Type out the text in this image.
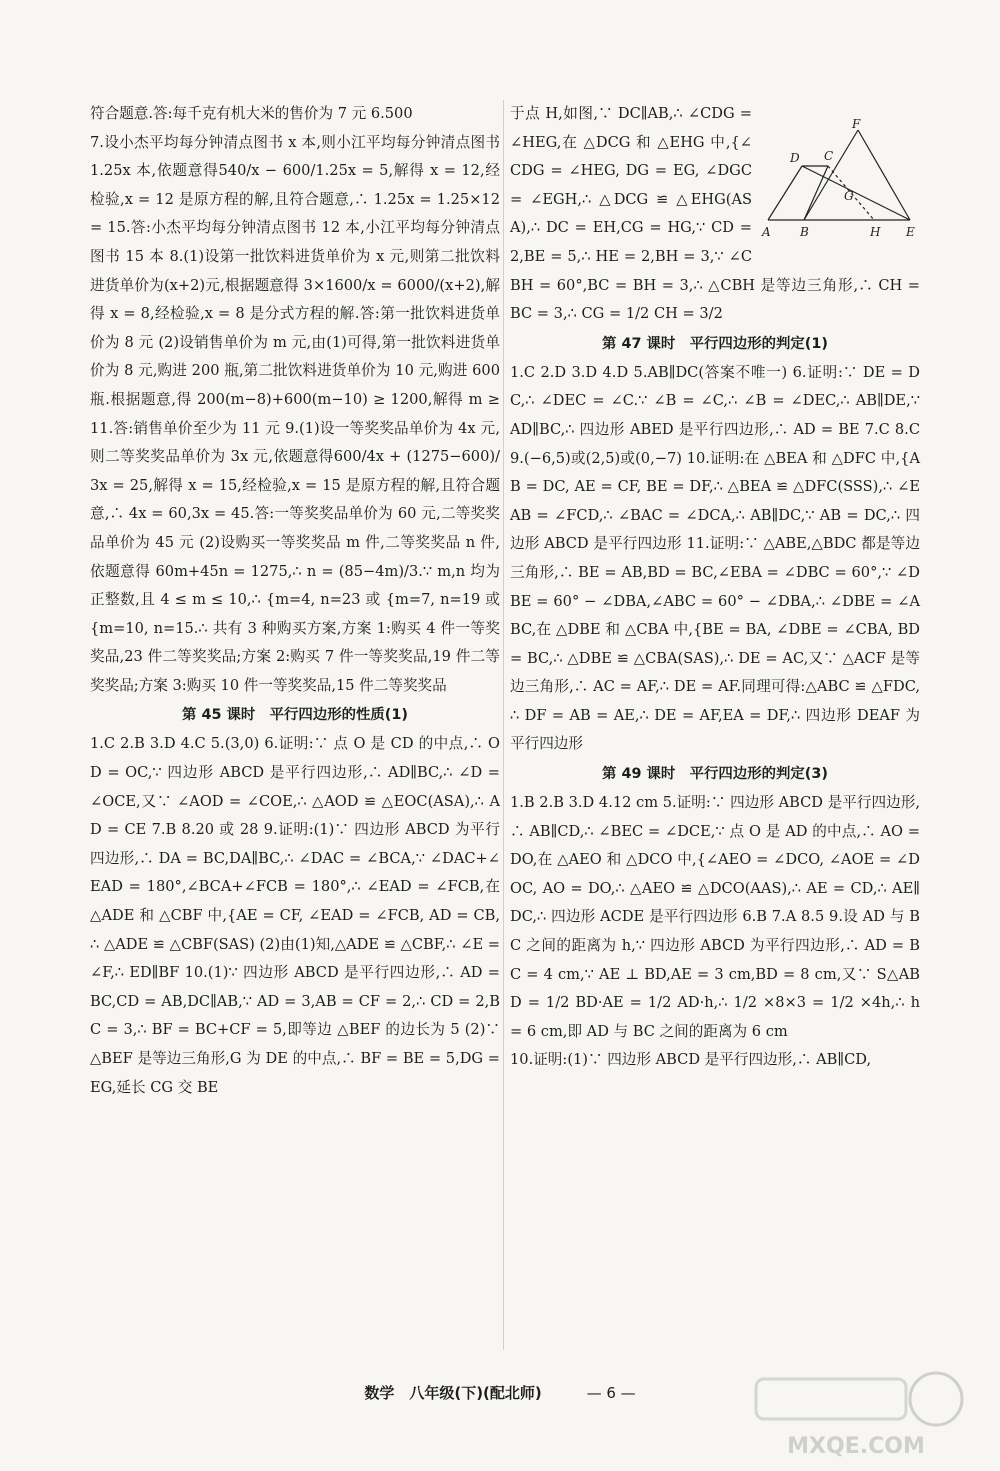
符合题意.答:每千克有机大米的售价为 7 元 6.500

7.设小杰平均每分钟清点图书 x 本,则小江平均每分钟清点图书 1.25x 本,依题意得540/x − 600/1.25x = 5,解得 x = 12,经检验,x = 12 是原方程的解,且符合题意,∴ 1.25x = 1.25×12 = 15.答:小杰平均每分钟清点图书 12 本,小江平均每分钟清点图书 15 本 8.(1)设第一批饮料进货单价为 x 元,则第二批饮料进货单价为(x+2)元,根据题意得 3×1600/x = 6000/(x+2),解得 x = 8,经检验,x = 8 是分式方程的解.答:第一批饮料进货单价为 8 元 (2)设销售单价为 m 元,由(1)可得,第一批饮料进货单价为 8 元,购进 200 瓶,第二批饮料进货单价为 10 元,购进 600 瓶.根据题意,得 200(m−8)+600(m−10) ≥ 1200,解得 m ≥ 11.答:销售单价至少为 11 元 9.(1)设一等奖奖品单价为 4x 元,则二等奖奖品单价为 3x 元,依题意得600/4x + (1275−600)/3x = 25,解得 x = 15,经检验,x = 15 是原方程的解,且符合题意,∴ 4x = 60,3x = 45.答:一等奖奖品单价为 60 元,二等奖奖品单价为 45 元 (2)设购买一等奖奖品 m 件,二等奖奖品 n 件,依题意得 60m+45n = 1275,∴ n = (85−4m)/3.∵ m,n 均为正整数,且 4 ≤ m ≤ 10,∴ {m=4, n=23 或 {m=7, n=19 或 {m=10, n=15.∴ 共有 3 种购买方案,方案 1:购买 4 件一等奖奖品,23 件二等奖奖品;方案 2:购买 7 件一等奖奖品,19 件二等奖奖品;方案 3:购买 10 件一等奖奖品,15 件二等奖奖品

第 45 课时　平行四边形的性质(1)

1.C 2.B 3.D 4.C 5.(3,0) 6.证明:∵ 点 O 是 CD 的中点,∴ OD = OC,∵ 四边形 ABCD 是平行四边形,∴ AD∥BC,∴ ∠D = ∠OCE,又∵ ∠AOD = ∠COE,∴ △AOD ≌ △EOC(ASA),∴ AD = CE 7.B 8.20 或 28 9.证明:(1)∵ 四边形 ABCD 为平行四边形,∴ DA = BC,DA∥BC,∴ ∠DAC = ∠BCA,∵ ∠DAC+∠EAD = 180°,∠BCA+∠FCB = 180°,∴ ∠EAD = ∠FCB,在 △ADE 和 △CBF 中,{AE = CF, ∠EAD = ∠FCB, AD = CB,∴ △ADE ≌ △CBF(SAS) (2)由(1)知,△ADE ≌ △CBF,∴ ∠E = ∠F,∴ ED∥BF 10.(1)∵ 四边形 ABCD 是平行四边形,∴ AD = BC,CD = AB,DC∥AB,∵ AD = 3,AB = CF = 2,∴ CD = 2,BC = 3,∴ BF = BC+CF = 5,即等边 △BEF 的边长为 5 (2)∵ △BEF 是等边三角形,G 为 DE 的中点,∴ BF = BE = 5,DG = EG,延长 CG 交 BE

A B	H E
D C
G
F

于点 H,如图,∵ DC∥AB,∴ ∠CDG = ∠HEG,在 △DCG 和 △EHG 中,{∠CDG = ∠HEG, DG = EG, ∠DGC = ∠EGH,∴ △DCG ≌ △EHG(ASA),∴ DC = EH,CG = HG,∵ CD = 2,BE = 5,∴ HE = 2,BH = 3,∵ ∠CBH = 60°,BC = BH = 3,∴ △CBH 是等边三角形,∴ CH = BC = 3,∴ CG = 1/2 CH = 3/2

第 47 课时　平行四边形的判定(1)

1.C 2.D 3.D 4.D 5.AB∥DC(答案不唯一) 6.证明:∵ DE = DC,∴ ∠DEC = ∠C.∵ ∠B = ∠C,∴ ∠B = ∠DEC,∴ AB∥DE,∵ AD∥BC,∴ 四边形 ABED 是平行四边形,∴ AD = BE 7.C 8.C 9.(−6,5)或(2,5)或(0,−7) 10.证明:在 △BEA 和 △DFC 中,{AB = DC, AE = CF, BE = DF,∴ △BEA ≌ △DFC(SSS),∴ ∠EAB = ∠FCD,∴ ∠BAC = ∠DCA,∴ AB∥DC,∵ AB = DC,∴ 四边形 ABCD 是平行四边形 11.证明:∵ △ABE,△BDC 都是等边三角形,∴ BE = AB,BD = BC,∠EBA = ∠DBC = 60°,∵ ∠DBE = 60° − ∠DBA,∠ABC = 60° − ∠DBA,∴ ∠DBE = ∠ABC,在 △DBE 和 △CBA 中,{BE = BA, ∠DBE = ∠CBA, BD = BC,∴ △DBE ≌ △CBA(SAS),∴ DE = AC,又∵ △ACF 是等边三角形,∴ AC = AF,∴ DE = AF.同理可得:△ABC ≌ △FDC,∴ DF = AB = AE,∴ DE = AF,EA = DF,∴ 四边形 DEAF 为平行四边形

第 49 课时　平行四边形的判定(3)

1.B 2.B 3.D 4.12 cm 5.证明:∵ 四边形 ABCD 是平行四边形,∴ AB∥CD,∴ ∠BEC = ∠DCE,∵ 点 O 是 AD 的中点,∴ AO = DO,在 △AEO 和 △DCO 中,{∠AEO = ∠DCO, ∠AOE = ∠DOC, AO = DO,∴ △AEO ≌ △DCO(AAS),∴ AE = CD,∴ AE∥DC,∴ 四边形 ACDE 是平行四边形 6.B 7.A 8.5 9.设 AD 与 BC 之间的距离为 h,∵ 四边形 ABCD 为平行四边形,∴ AD = BC = 4 cm,∵ AE ⊥ BD,AE = 3 cm,BD = 8 cm,又∵ S△ABD = 1/2 BD·AE = 1/2 AD·h,∴ 1/2 ×8×3 = 1/2 ×4h,∴ h = 6 cm,即 AD 与 BC 之间的距离为 6 cm

10.证明:(1)∵ 四边形 ABCD 是平行四边形,∴ AB∥CD,

数学　八年级(下)(配北师)	— 6 —
MXQE.COM
